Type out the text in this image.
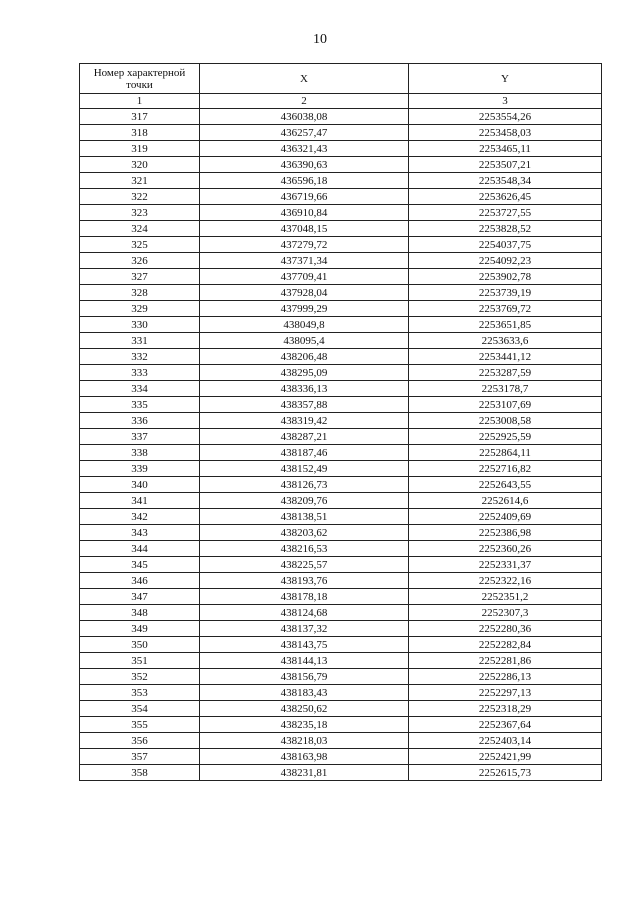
10
Номер характерной точки	X	Y
1	2	3
317	436038,08	2253554,26
318	436257,47	2253458,03
319	436321,43	2253465,11
320	436390,63	2253507,21
321	436596,18	2253548,34
322	436719,66	2253626,45
323	436910,84	2253727,55
324	437048,15	2253828,52
325	437279,72	2254037,75
326	437371,34	2254092,23
327	437709,41	2253902,78
328	437928,04	2253739,19
329	437999,29	2253769,72
330	438049,8	2253651,85
331	438095,4	2253633,6
332	438206,48	2253441,12
333	438295,09	2253287,59
334	438336,13	2253178,7
335	438357,88	2253107,69
336	438319,42	2253008,58
337	438287,21	2252925,59
338	438187,46	2252864,11
339	438152,49	2252716,82
340	438126,73	2252643,55
341	438209,76	2252614,6
342	438138,51	2252409,69
343	438203,62	2252386,98
344	438216,53	2252360,26
345	438225,57	2252331,37
346	438193,76	2252322,16
347	438178,18	2252351,2
348	438124,68	2252307,3
349	438137,32	2252280,36
350	438143,75	2252282,84
351	438144,13	2252281,86
352	438156,79	2252286,13
353	438183,43	2252297,13
354	438250,62	2252318,29
355	438235,18	2252367,64
356	438218,03	2252403,14
357	438163,98	2252421,99
358	438231,81	2252615,73
